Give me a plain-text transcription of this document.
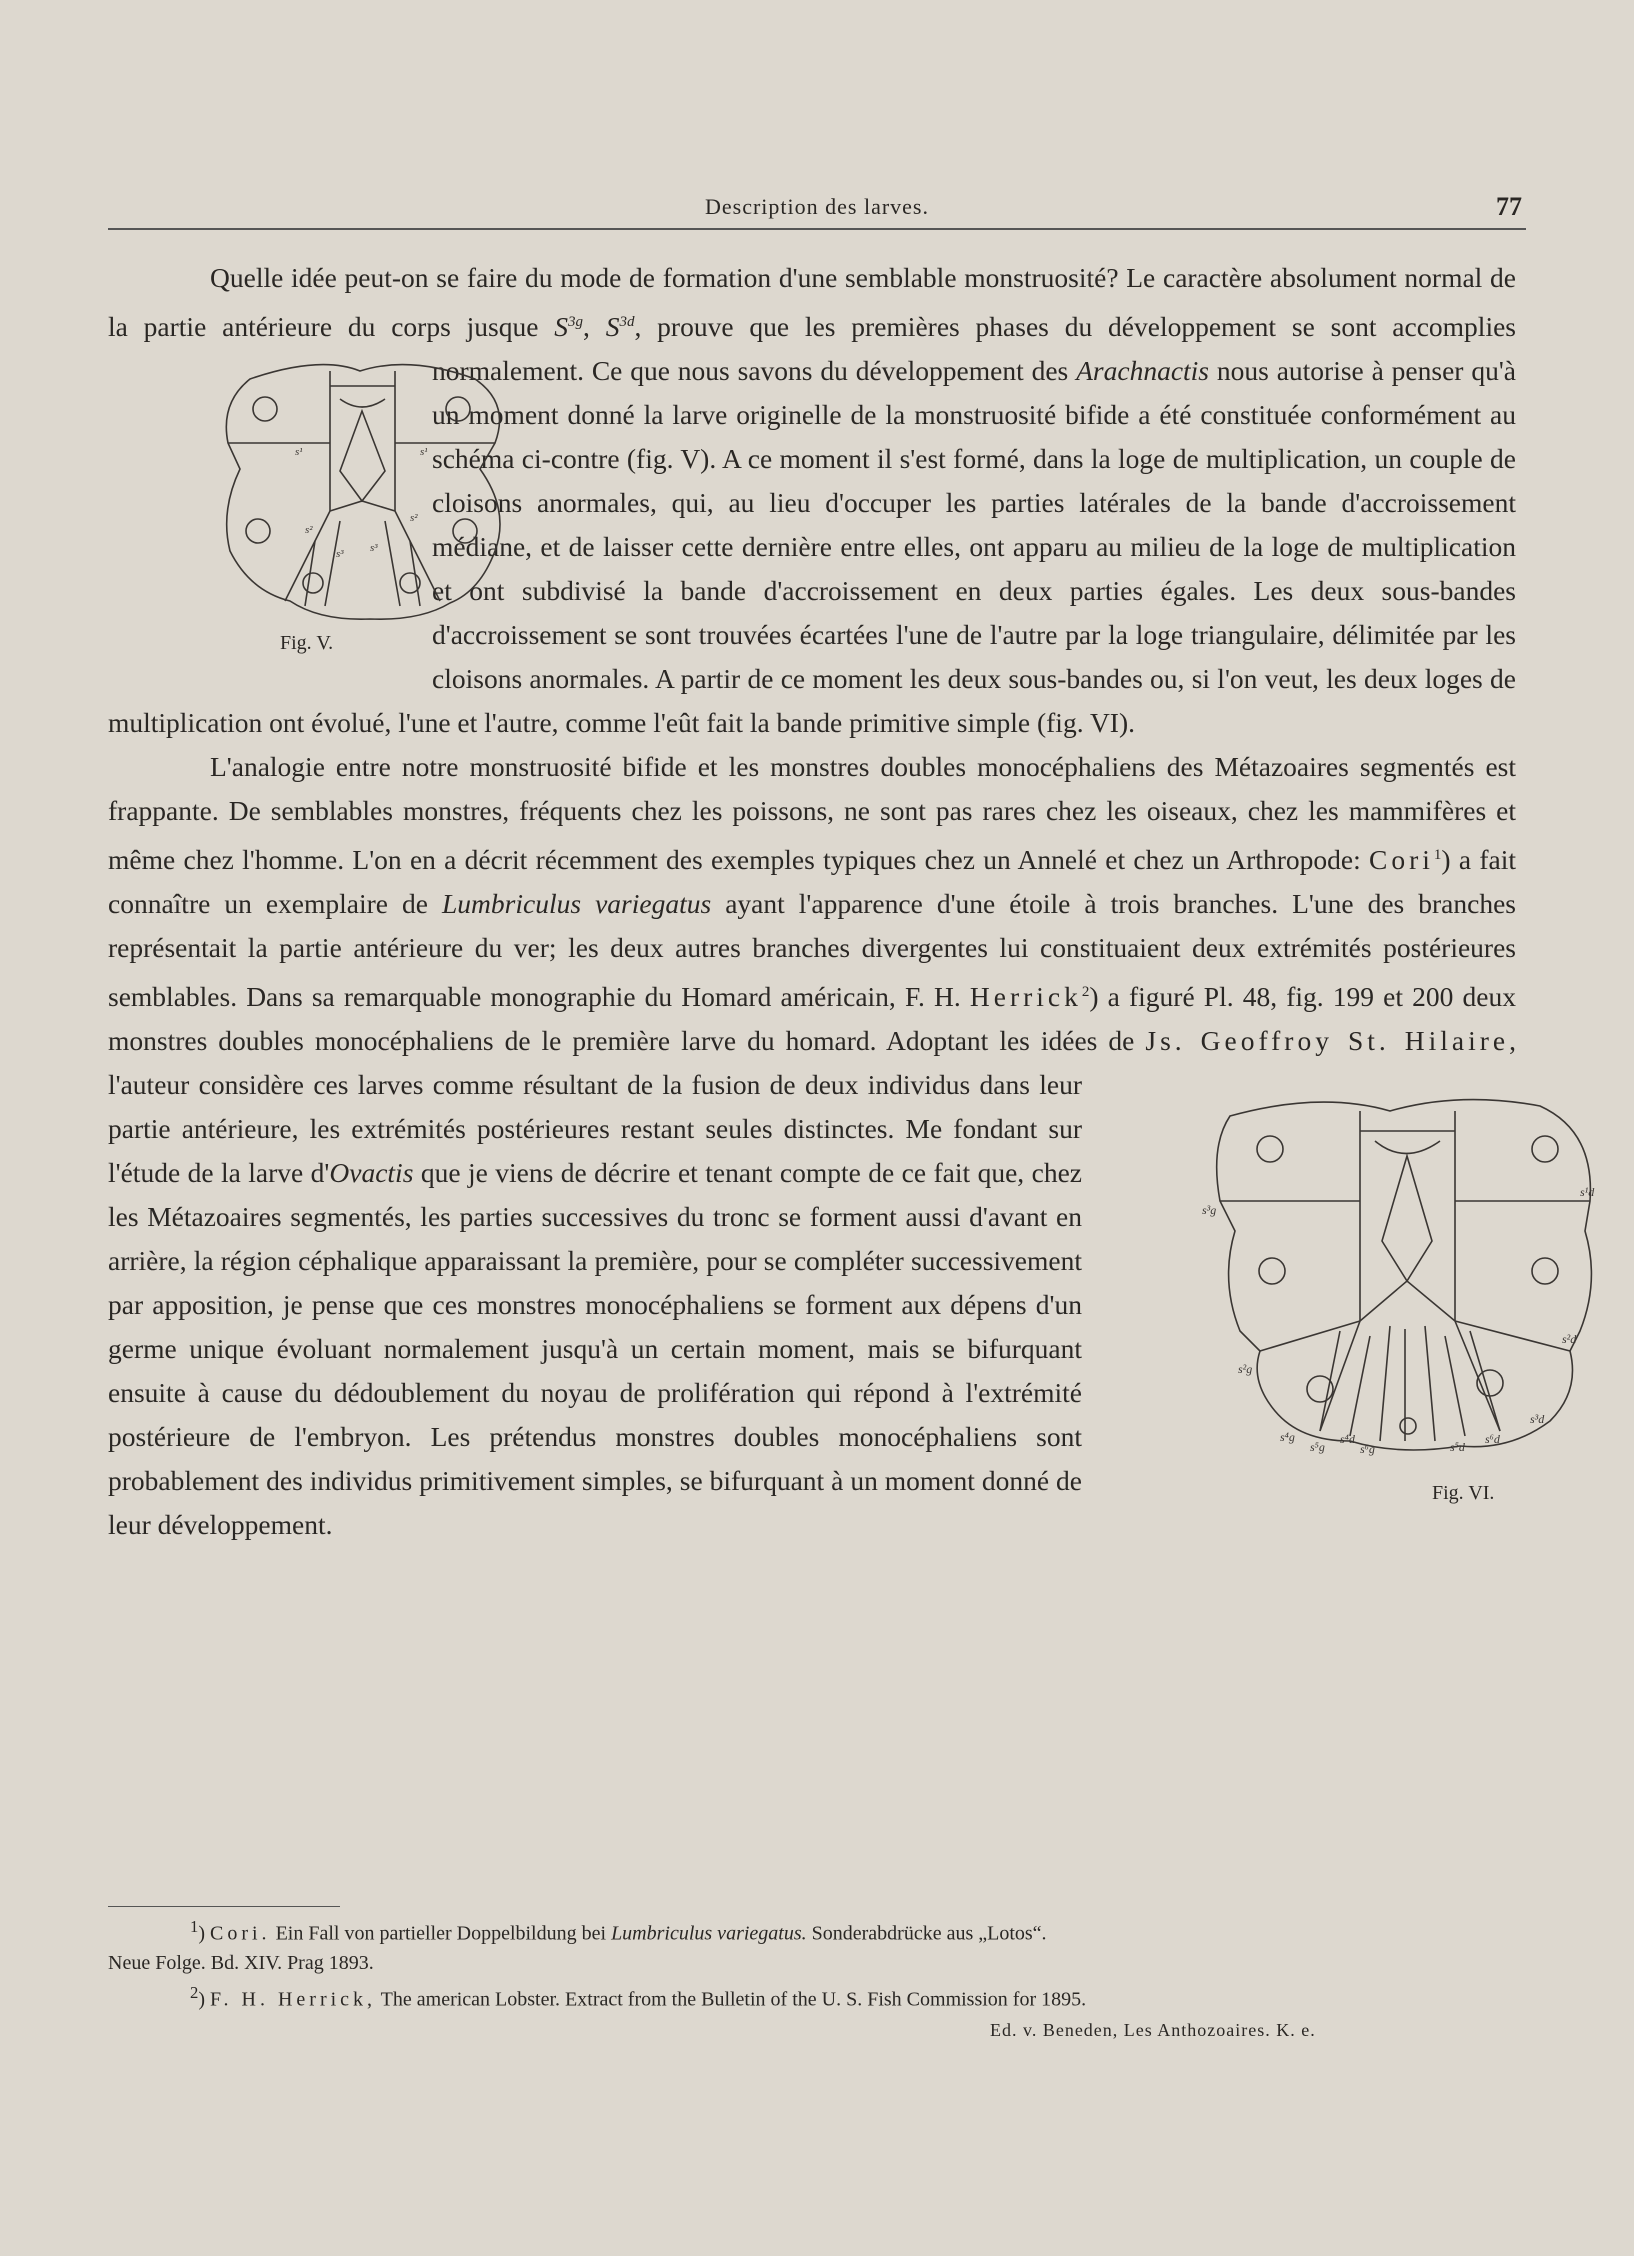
Description des larves.	77

Quelle idée peut-on se faire du mode de formation d'une semblable monstruosité? Le caractère absolument normal de la partie antérieure du corps jusque $S^{3g}$, $S^{3d}$, prouve que les premières phases du développement se sont accomplies normalement. Ce que nous savons du développement des Arachnactis
s¹	s¹
s²
s²
s³ s³
Fig. V.
nous autorise à penser qu'à un moment donné la larve originelle de la monstruosité bifide a été constituée conformément au schéma ci-contre (fig. V). A ce moment il s'est formé, dans la loge de multiplication, un couple de cloisons anormales, qui, au lieu d'occuper les parties latérales de la bande d'accroissement médiane, et de laisser cette dernière entre elles, ont apparu au milieu de la loge de multiplication et ont subdivisé la bande d'accroissement en deux parties égales. Les deux sous-bandes d'accroissement se sont trouvées écartées l'une de l'autre par la loge triangulaire, délimitée par les cloisons anormales. A partir de ce moment les deux sous-bandes ou, si l'on veut, les deux loges de multiplication ont évolué, l'une et l'autre, comme l'eût fait la bande primitive simple (fig. VI).

L'analogie entre notre monstruosité bifide et les monstres doubles monocéphaliens des Métazoaires segmentés est frappante. De semblables monstres, fréquents chez les poissons, ne sont pas rares chez les oiseaux, chez les mammifères et même chez l'homme. L'on en a décrit récemment des exemples typiques chez un Annelé et chez un Arthropode: Cori$^1$) a fait connaître un exemplaire de Lumbriculus variegatus ayant l'apparence d'une étoile à trois branches. L'une des branches représentait la partie antérieure du ver; les deux autres branches divergentes lui constituaient deux extrémités postérieures semblables. Dans sa remarquable monographie du Homard américain, F. H. Herrick$^2$) a figuré Pl. 48, fig. 199 et 200 deux monstres doubles monocéphaliens de le première larve du homard. Adoptant les idées de
s³g
s¹d
s²g
s²d
s³d
s⁴g
s⁵g
s⁴d
s⁶g	s⁵d
s⁶d
Fig. VI.
Js. Geoffroy St. Hilaire, l'auteur considère ces larves comme résultant de la fusion de deux individus dans leur partie antérieure, les extrémités postérieures restant seules distinctes. Me fondant sur l'étude de la larve d'Ovactis que je viens de décrire et tenant compte de ce fait que, chez les Métazoaires segmentés, les parties successives du tronc se forment aussi d'avant en arrière, la région céphalique apparaissant la première, pour se compléter successivement par apposition, je pense que ces monstres monocéphaliens se forment aux dépens d'un germe unique évoluant normalement jusqu'à un certain moment, mais se bifurquant ensuite à cause du dédoublement du noyau de prolifération qui répond à l'extrémité postérieure de l'embryon. Les prétendus monstres doubles monocéphaliens sont probablement des individus primitivement simples, se bifurquant à un moment donné de leur développement.

$^1$) Cori. Ein Fall von partieller Doppelbildung bei Lumbriculus variegatus. Sonderabdrücke aus „Lotos“.

Neue Folge. Bd. XIV. Prag 1893.

$^2$) F. H. Herrick, The american Lobster. Extract from the Bulletin of the U. S. Fish Commission for 1895.

Ed. v. Beneden, Les Anthozoaires. K. e.
